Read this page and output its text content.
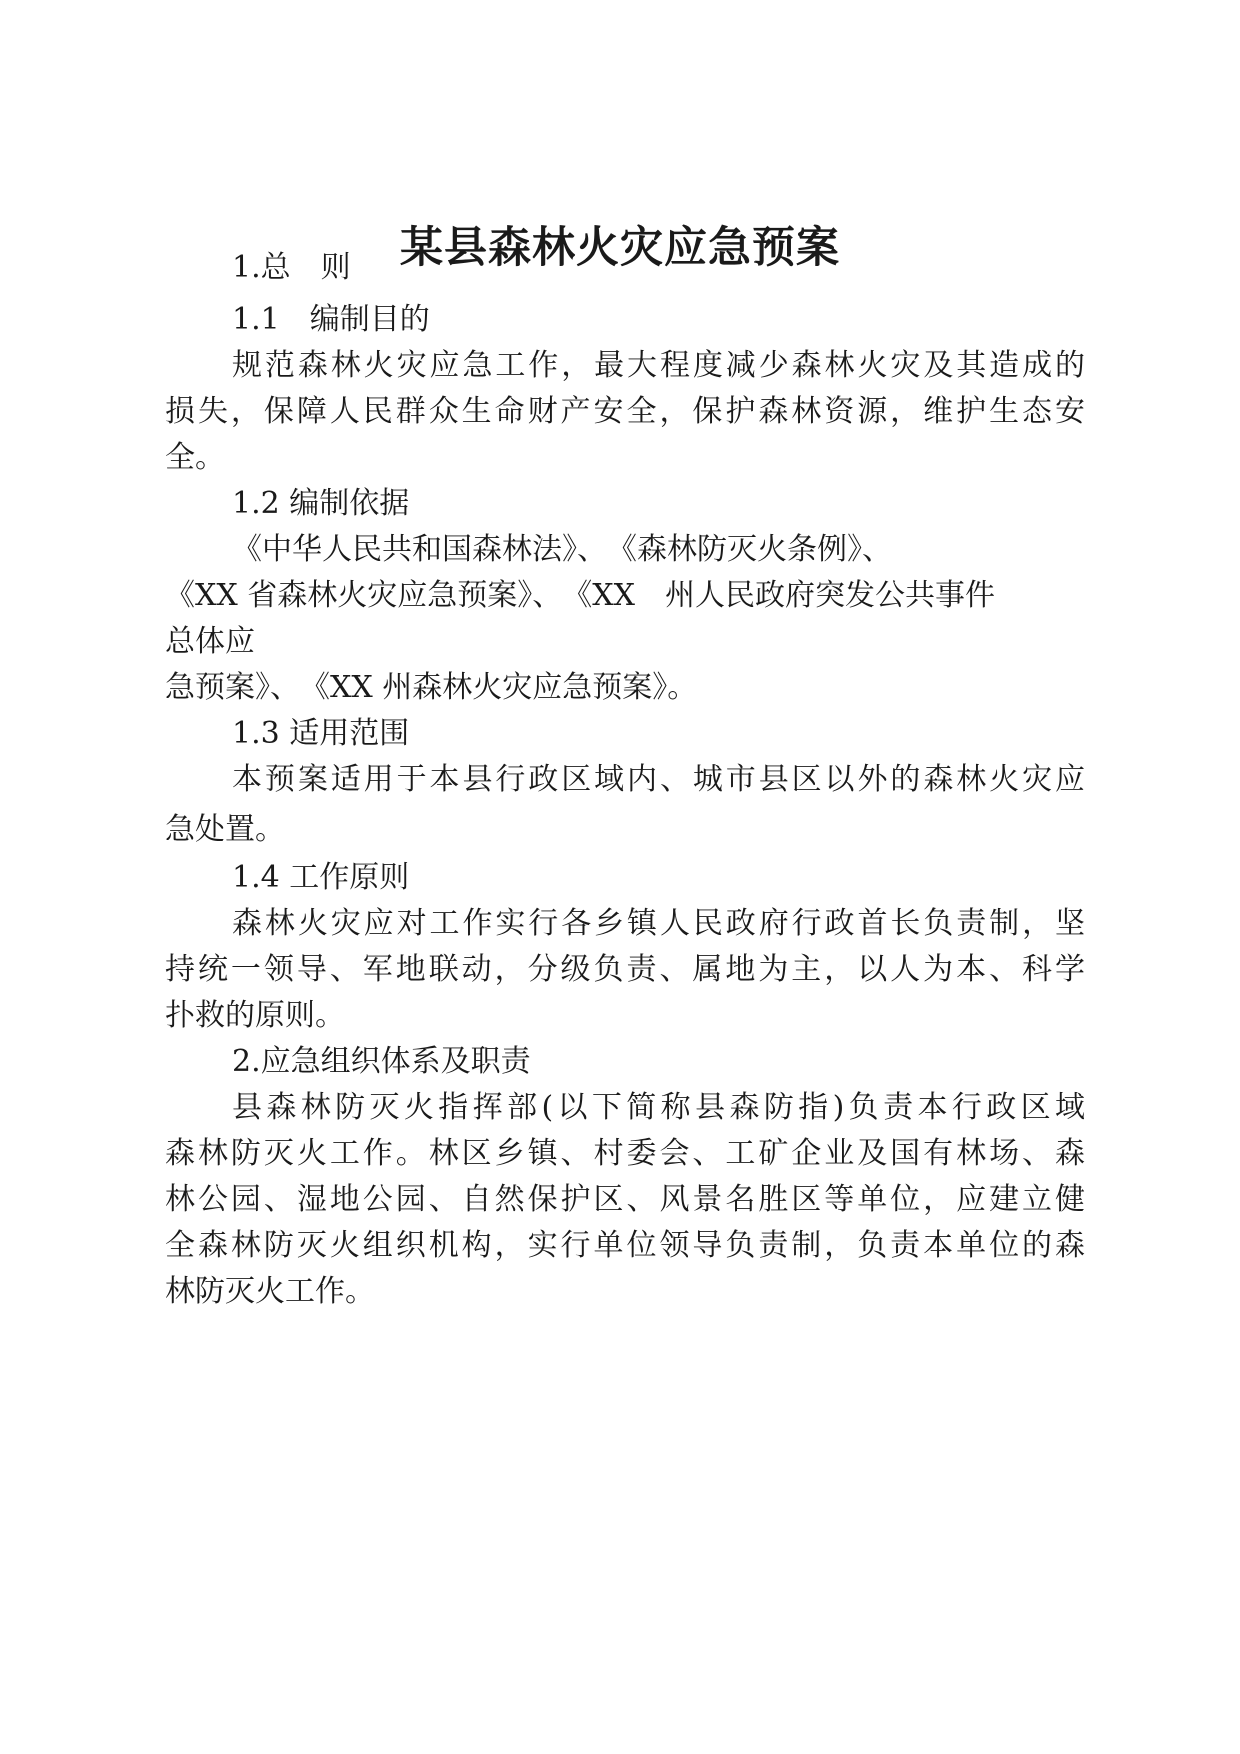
某县森林火灾应急预案
1.总　则
1.1　编制目的
规范森林火灾应急工作，最大程度减少森林火灾及其造成的
损失，保障人民群众生命财产安全，保护森林资源，维护生态安
全。
1.2 编制依据
《中华人民共和国森林法》、　《森林防灭火条例》、
《XX 省森林火灾应急预案》、　《XX　州人民政府突发公共事件
总体应
急预案》、　《XX 州森林火灾应急预案》。
1.3 适用范围
本预案适用于本县行政区域内、城市县区以外的森林火灾应
急处置。
1.4 工作原则
森林火灾应对工作实行各乡镇人民政府行政首长负责制，坚
持统一领导、军地联动，分级负责、属地为主，以人为本、科学
扑救的原则。
2.应急组织体系及职责
县森林防灭火指挥部(以下简称县森防指)负责本行政区域
森林防灭火工作。林区乡镇、村委会、工矿企业及国有林场、森
林公园、湿地公园、自然保护区、风景名胜区等单位，应建立健
全森林防灭火组织机构，实行单位领导负责制，负责本单位的森
林防灭火工作。
